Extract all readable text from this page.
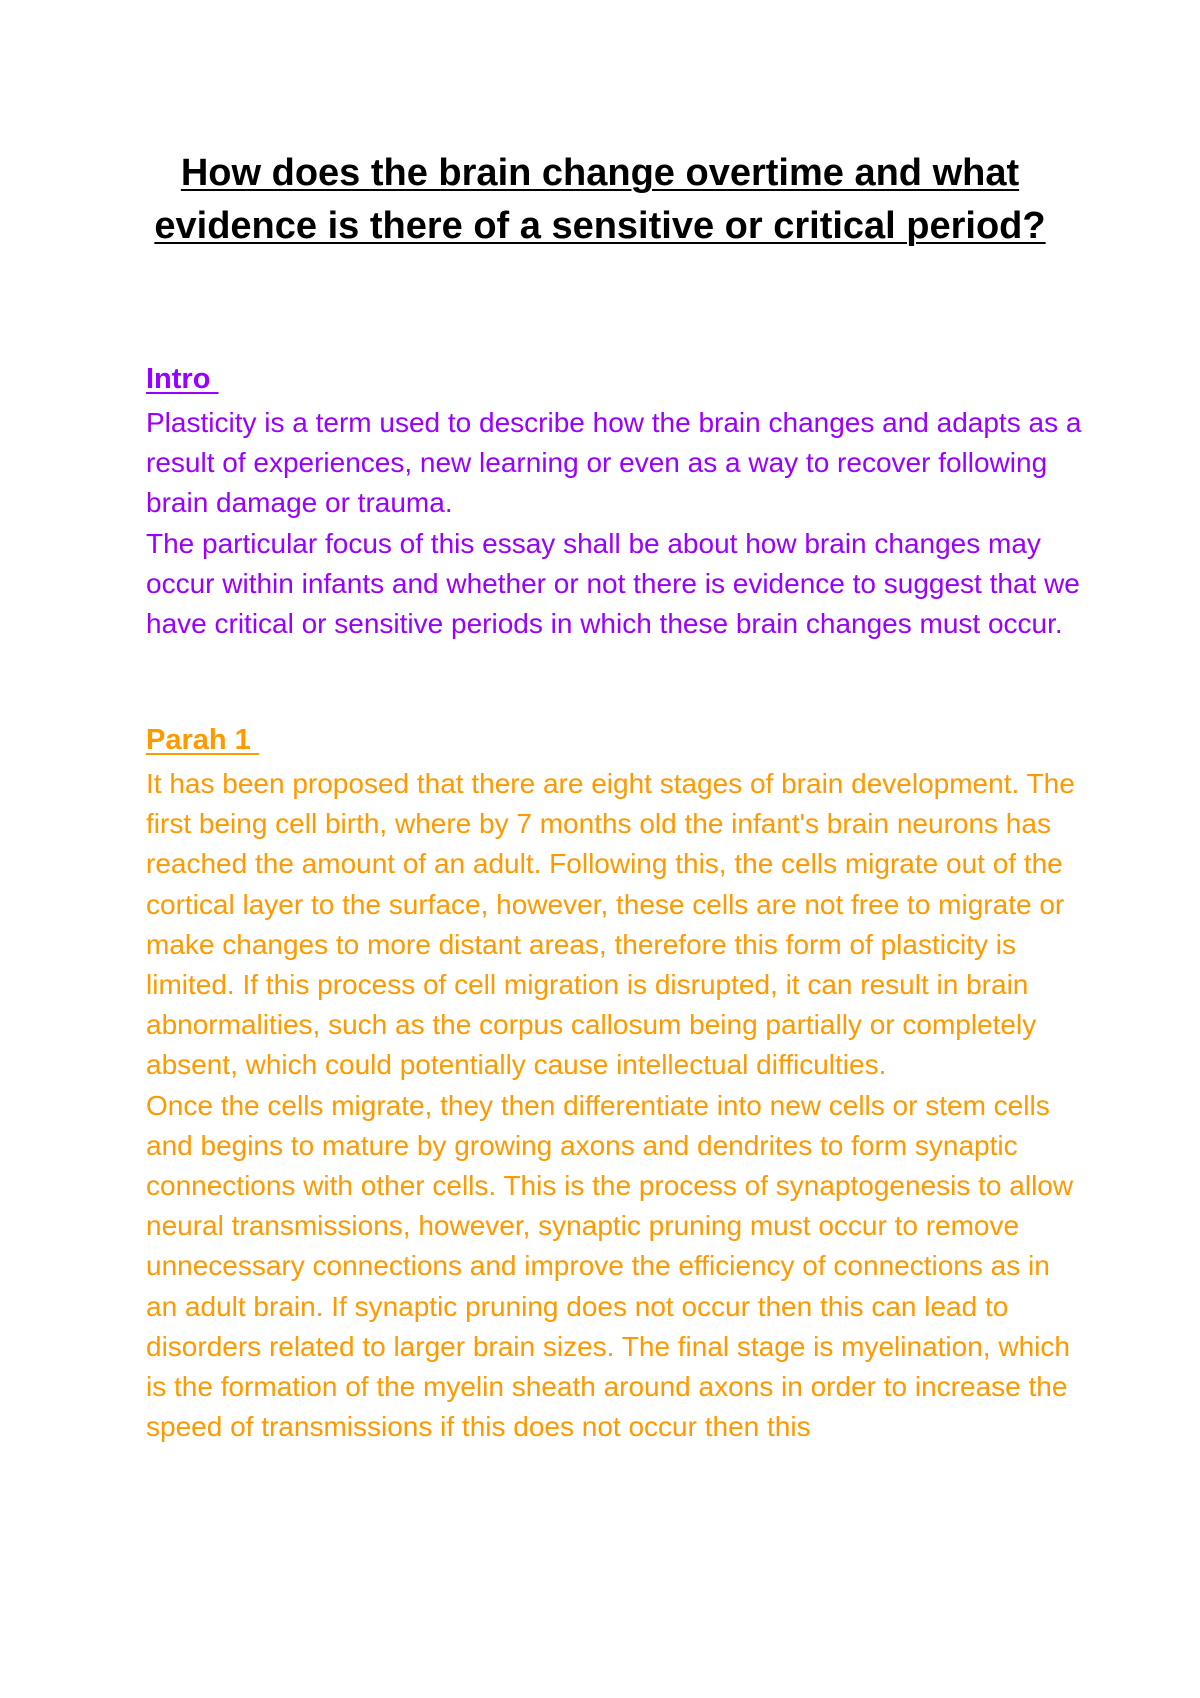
How does the brain change overtime and what evidence is there of a sensitive or critical period?
Intro

Plasticity is a term used to describe how the brain changes and adapts as a result of experiences, new learning or even as a way to recover following brain damage or trauma.

The particular focus of this essay shall be about how brain changes may occur within infants and whether or not there is evidence to suggest that we have critical or sensitive periods in which these brain changes must occur.

Parah 1

It has been proposed that there are eight stages of brain development. The first being cell birth, where by 7 months old the infant's brain neurons has reached the amount of an adult. Following this, the cells migrate out of the cortical layer to the surface, however, these cells are not free to migrate or make changes to more distant areas, therefore this form of plasticity is limited. If this process of cell migration is disrupted, it can result in brain abnormalities, such as the corpus callosum being partially or completely absent, which could potentially cause intellectual difficulties.

Once the cells migrate, they then differentiate into new cells or stem cells and begins to mature by growing axons and dendrites to form synaptic connections with other cells. This is the process of synaptogenesis to allow neural transmissions, however, synaptic pruning must occur to remove unnecessary connections and improve the efficiency of connections as in an adult brain. If synaptic pruning does not occur then this can lead to disorders related to larger brain sizes. The final stage is myelination, which is the formation of the myelin sheath around axons in order to increase the speed of transmissions if this does not occur then this
